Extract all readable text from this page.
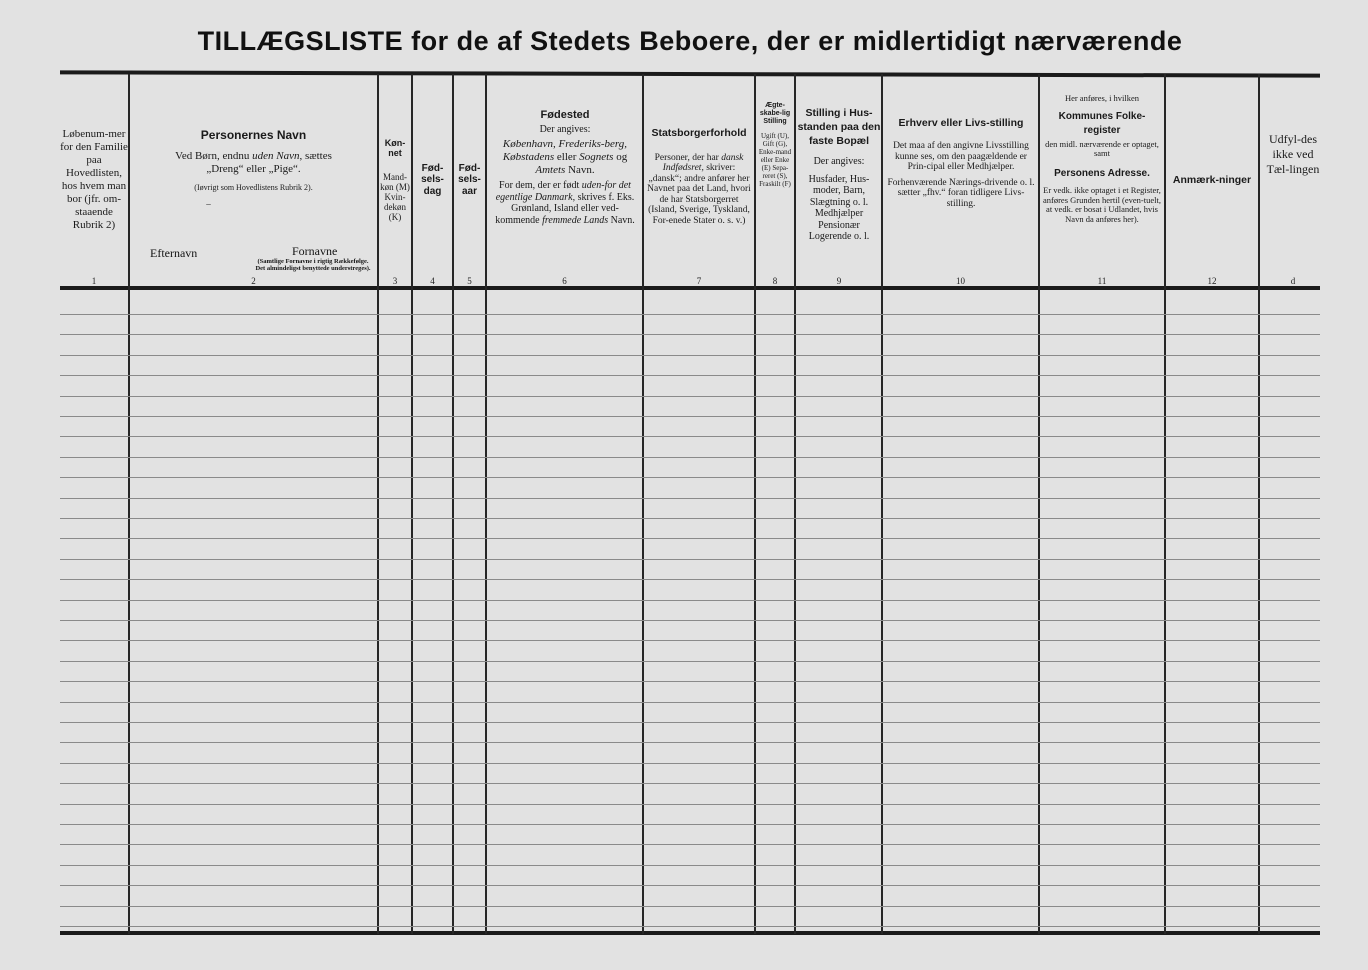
TILLÆGSLISTE for de af Stedets Beboere, der er midlertidigt nærværende
Løbenum-mer for den Familie paa Hovedlisten, hos hvem man bor (jfr. om-staaende Rubrik 2)
1
Personernes Navn
Ved Børn, endnu uden Navn, sættes
„Dreng“ eller „Pige“.
(Iøvrigt som Hovedlistens Rubrik 2).
–
Efternavn	Fornavne
(Samtlige Fornavne i rigtig Rækkefølge. Det almindeligst benyttede understreges).
2
Køn-net
Mand-køn (M) Kvin-dekøn (K)
3
Fød-sels-dag
4
Fød-sels-aar
5
Fødested
Der angives:
København, Frederiks-berg, Købstadens eller Sognets og Amtets Navn.
For dem, der er født uden-for det egentlige Danmark, skrives f. Eks. Grønland, Island eller ved-kommende fremmede Lands Navn.
6
Statsborgerforhold
Personer, der har dansk Indfødsret, skriver: „dansk“; andre anfører her Navnet paa det Land, hvori de har Statsborgerret (Island, Sverige, Tyskland, For-enede Stater o. s. v.)
7
Ægte-skabe-lig Stilling
Ugift (U), Gift (G), Enke-mand eller Enke (E) Sepa-reret (S), Fraskilt (F)
8
Stilling i Hus-standen paa den faste Bopæl
Der angives:
Husfader, Hus-moder, Barn, Slægtning o. l. Medhjælper Pensionær Logerende o. l.
9
Erhverv eller Livs-stilling
Det maa af den angivne Livsstilling kunne ses, om den paagældende er Prin-cipal eller Medhjælper.
Forhenværende Nærings-drivende o. l. sætter „fhv.“ foran tidligere Livs-stilling.
10
Her anføres, i hvilken
Kommunes Folke-register
den midl. nærværende er optaget, samt
Personens Adresse.
Er vedk. ikke optaget i et Register, anføres Grunden hertil (even-tuelt, at vedk. er bosat i Udlandet, hvis Navn da anføres her).
11
Anmærk-ninger
12
Udfyl-des ikke ved Tæl-lingen
d
